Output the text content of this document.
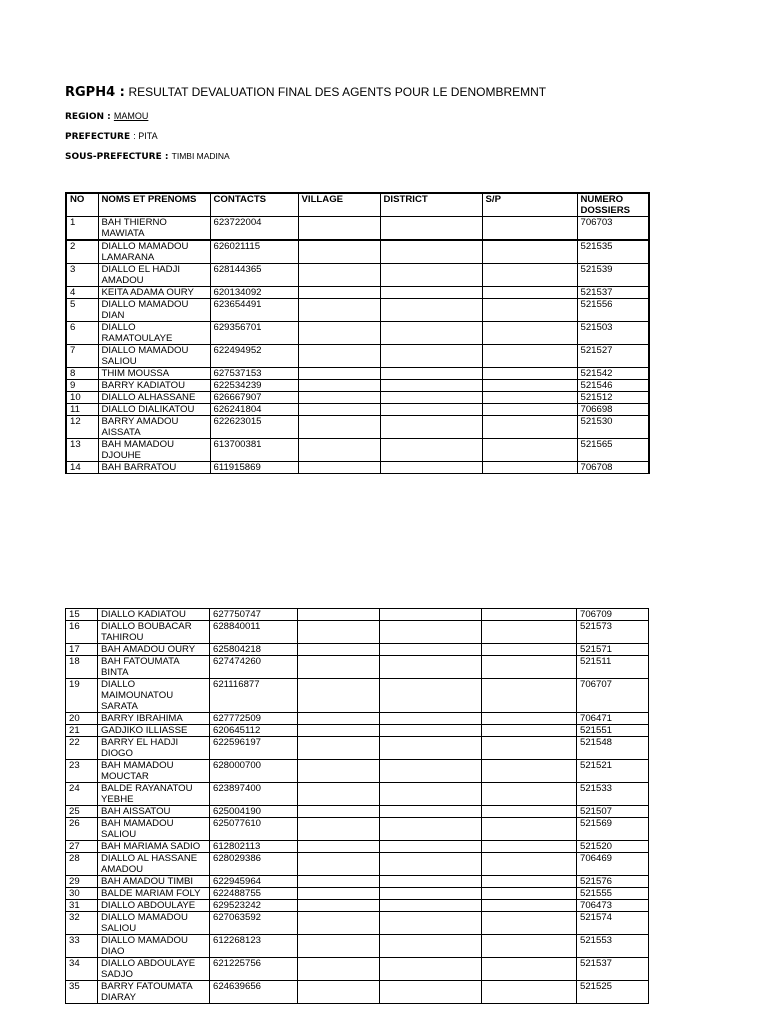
RGPH4 : RESULTAT DEVALUATION FINAL DES AGENTS POUR LE DENOMBREMNT
REGION : MAMOU
PREFECTURE : PITA
SOUS-PREFECTURE : TIMBI MADINA
NO	NOMS ET PRENOMS	CONTACTS	VILLAGE	DISTRICT	S/P	NUMERO DOSSIERS
1	BAH THIERNO MAWIATA	623722004				706703
2	DIALLO MAMADOU LAMARANA	626021115				521535
3	DIALLO EL HADJI AMADOU	628144365				521539
4	KEITA ADAMA OURY	620134092				521537
5	DIALLO MAMADOU DIAN	623654491				521556
6	DIALLO RAMATOULAYE	629356701				521503
7	DIALLO MAMADOU SALIOU	622494952				521527
8	THIM MOUSSA	627537153				521542
9	BARRY KADIATOU	622534239				521546
10	DIALLO ALHASSANE	626667907				521512
11	DIALLO DIALIKATOU	626241804				706698
12	BARRY AMADOU AISSATA	622623015				521530
13	BAH MAMADOU DJOUHE	613700381				521565
14	BAH BARRATOU	611915869				706708
15	DIALLO KADIATOU	627750747				706709
16	DIALLO BOUBACAR TAHIROU	628840011				521573
17	BAH AMADOU OURY	625804218				521571
18	BAH FATOUMATA BINTA	627474260				521511
19	DIALLO MAIMOUNATOU SARATA	621116877				706707
20	BARRY IBRAHIMA	627772509				706471
21	GADJIKO ILLIASSE	620645112				521551
22	BARRY EL HADJI DIOGO	622596197				521548
23	BAH MAMADOU MOUCTAR	628000700				521521
24	BALDE RAYANATOU YEBHE	623897400				521533
25	BAH AISSATOU	625004190				521507
26	BAH MAMADOU SALIOU	625077610				521569
27	BAH MARIAMA SADIO	612802113				521520
28	DIALLO AL HASSANE AMADOU	628029386				706469
29	BAH AMADOU TIMBI	622945964				521576
30	BALDE MARIAM FOLY	622488755				521555
31	DIALLO ABDOULAYE	629523242				706473
32	DIALLO MAMADOU SALIOU	627063592				521574
33	DIALLO MAMADOU DIAO	612268123				521553
34	DIALLO ABDOULAYE SADJO	621225756				521537
35	BARRY FATOUMATA DIARAY	624639656				521525
